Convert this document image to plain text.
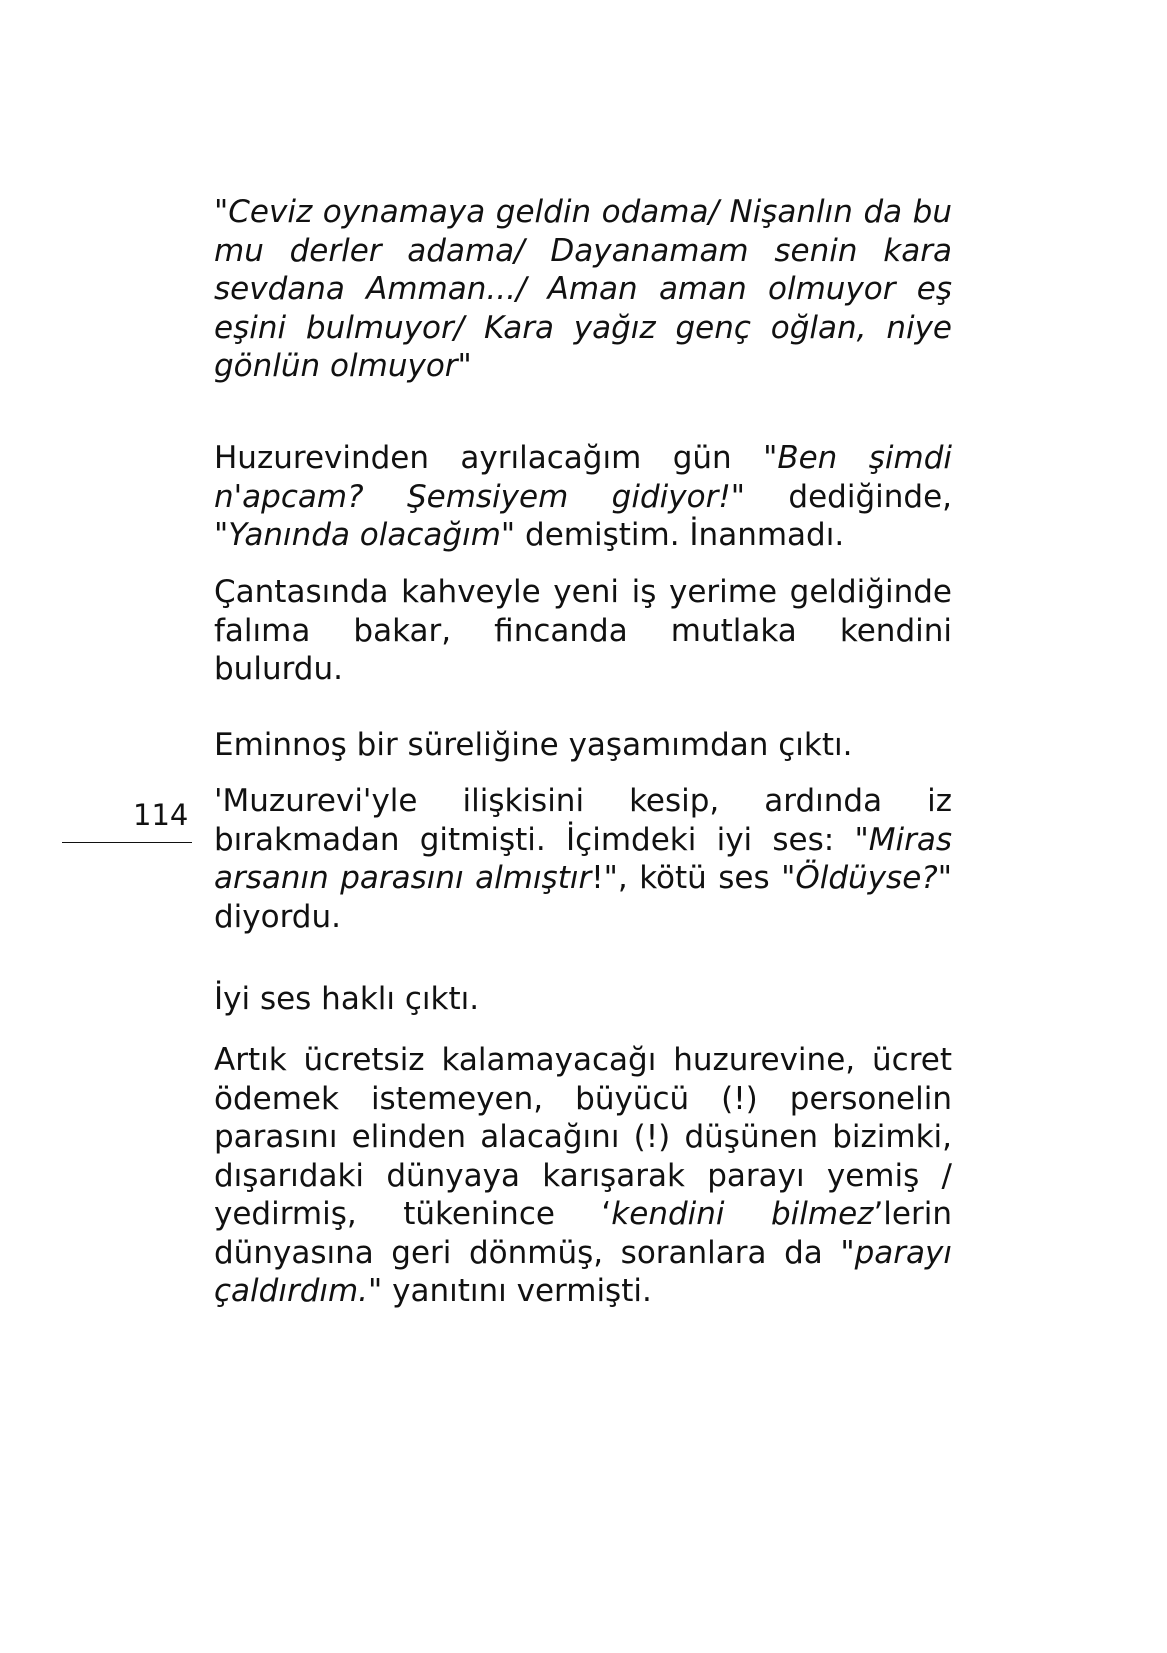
"Ceviz oynamaya geldin odama/ Nişanlın da bu mu derler adama/ Dayanamam senin kara sevdana Amman.../ Aman aman olmuyor eş eşini bulmuyor/ Kara yağız genç oğlan, niye gönlün olmuyor"

Huzurevinden ayrılacağım gün "Ben şimdi n'apcam? Şemsiyem gidiyor!" dediğinde, "Yanında olacağım" demiştim. İnanmadı.

Çantasında kahveyle yeni iş yerime geldiğinde falıma bakar, fincanda mutlaka kendini bulurdu.

Eminnoş bir süreliğine yaşamımdan çıktı.

114 'Muzurevi'yle ilişkisini kesip, ardında iz bırakmadan gitmişti. İçimdeki iyi ses: "Miras arsanın parasını almıştır!", kötü ses "Öldüyse?" diyordu.

İyi ses haklı çıktı.

Artık ücretsiz kalamayacağı huzurevine, ücret ödemek istemeyen, büyücü (!) personelin parasını elinden alacağını (!) düşünen bizimki, dışarıdaki dünyaya karışarak parayı yemiş / yedirmiş, tükenince ‘kendini bilmez’lerin dünyasına geri dönmüş, soranlara da "parayı çaldırdım." yanıtını vermişti.
